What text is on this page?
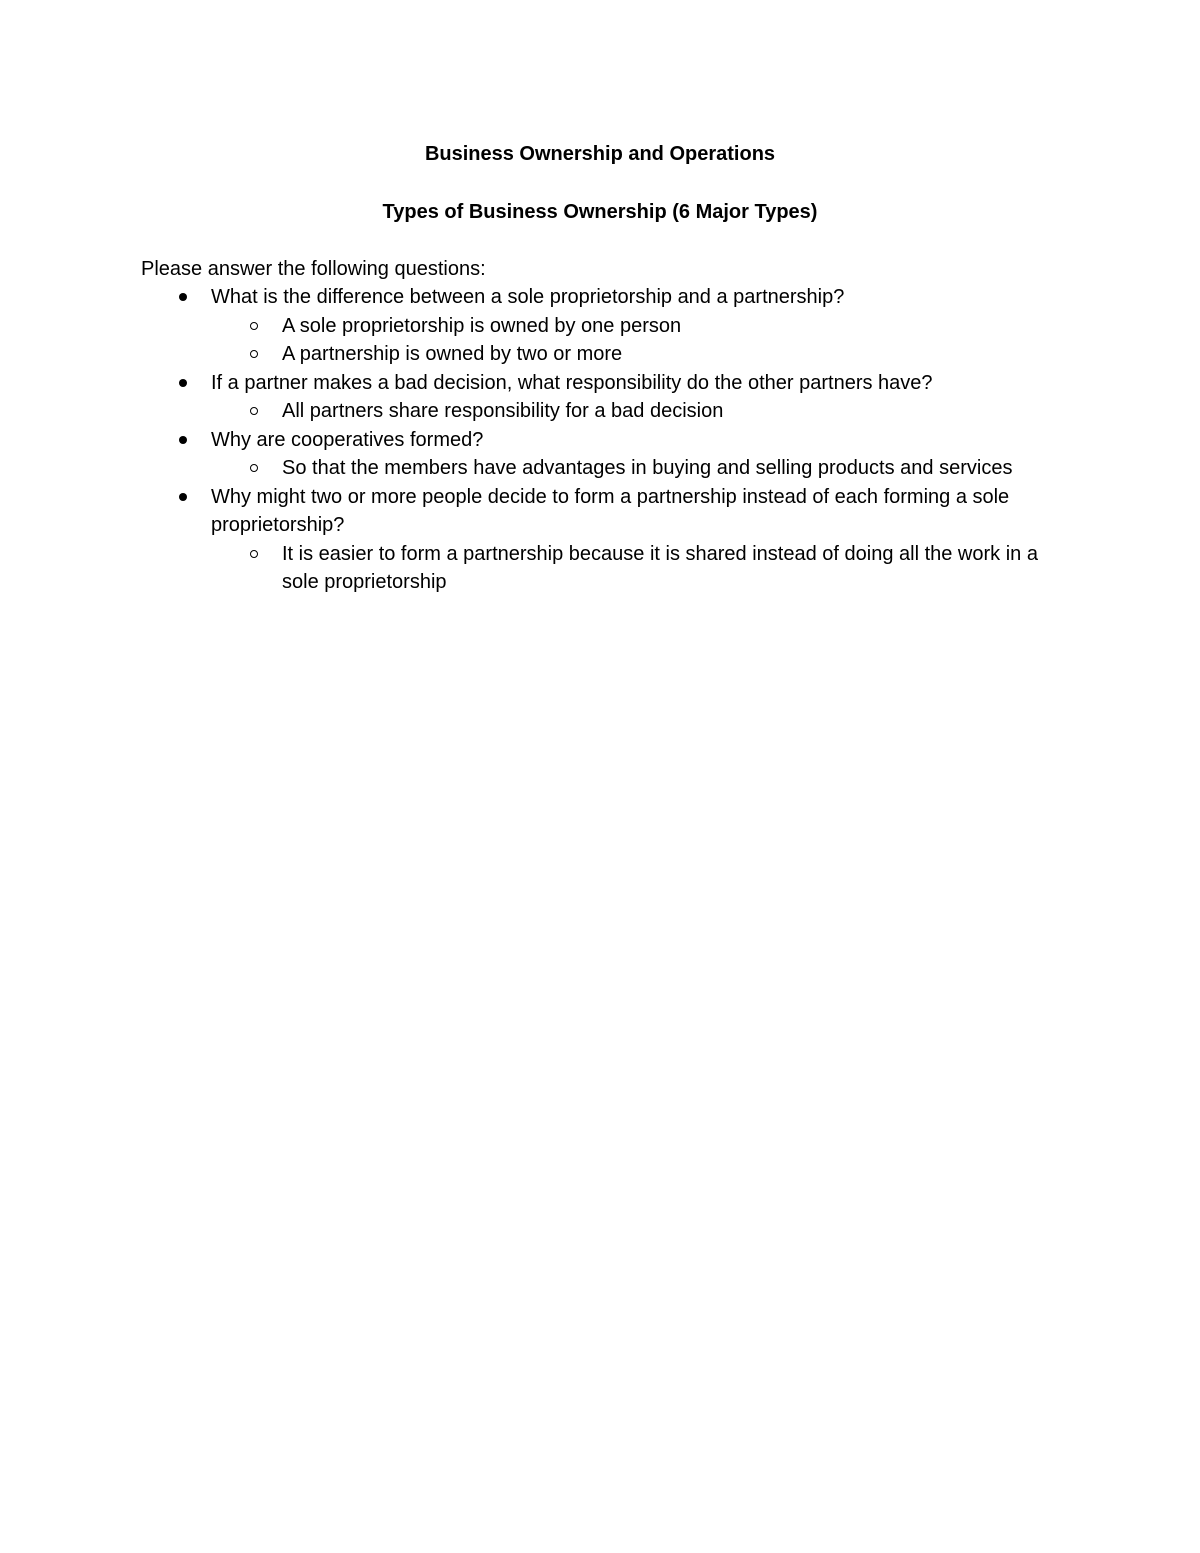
Business Ownership and Operations
Types of Business Ownership (6 Major Types)

Please answer the following questions:

What is the difference between a sole proprietorship and a partnership?
A sole proprietorship is owned by one person
A partnership is owned by two or more
If a partner makes a bad decision, what responsibility do the other partners have?
All partners share responsibility for a bad decision
Why are cooperatives formed?
So that the members have advantages in buying and selling products and services
Why might two or more people decide to form a partnership instead of each forming a sole proprietorship?
It is easier to form a partnership because it is shared instead of doing all the work in a sole proprietorship
